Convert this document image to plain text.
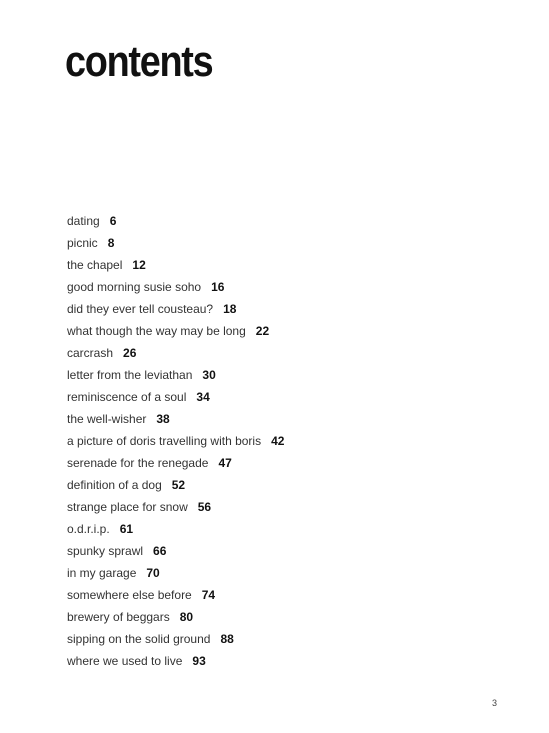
contents
dating 6
picnic 8
the chapel 12
good morning susie soho 16
did they ever tell cousteau? 18
what though the way may be long 22
carcrash 26
letter from the leviathan 30
reminiscence of a soul 34
the well-wisher 38
a picture of doris travelling with boris 42
serenade for the renegade 47
definition of a dog 52
strange place for snow 56
o.d.r.i.p. 61
spunky sprawl 66
in my garage 70
somewhere else before 74
brewery of beggars 80
sipping on the solid ground 88
where we used to live 93
3
